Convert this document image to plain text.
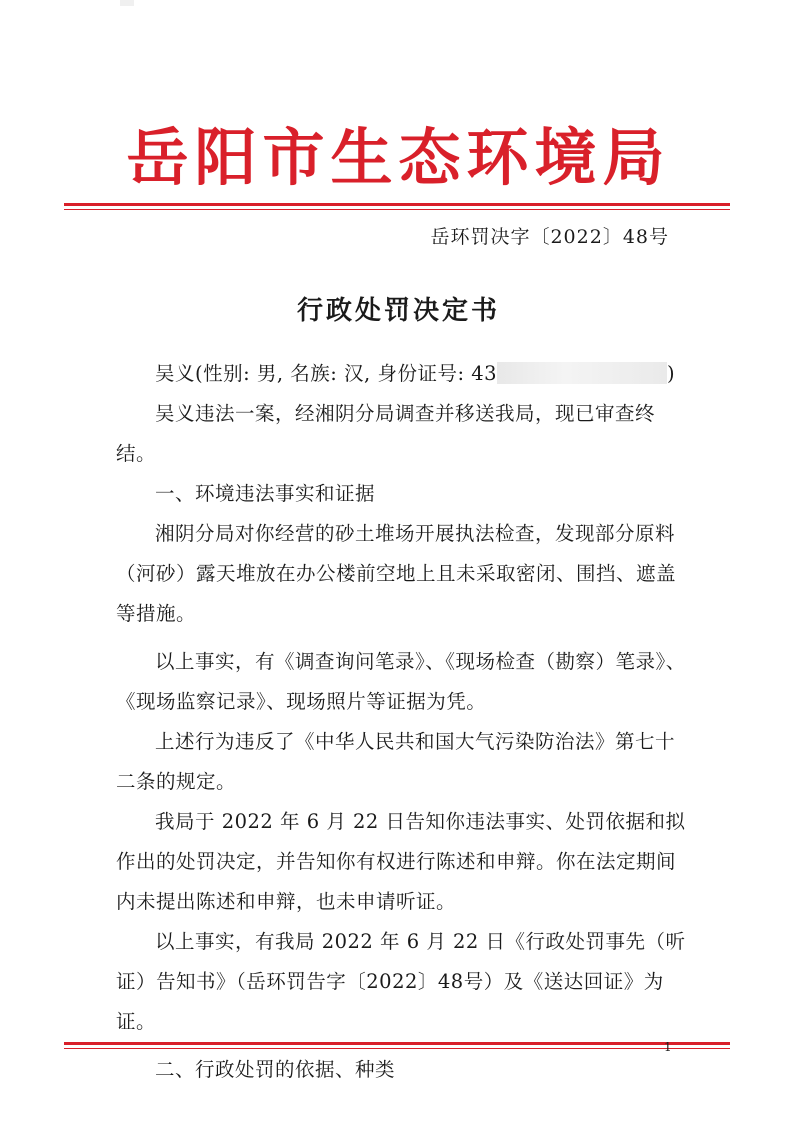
岳阳市生态环境局
岳环罚决字〔2022〕48号
行政处罚决定书

吴义(性别: 男, 名族: 汉, 身份证号: 43	)

吴义违法一案，经湘阴分局调查并移送我局，现已审查终结。

一、环境违法事实和证据

湘阴分局对你经营的砂土堆场开展执法检查，发现部分原料（河砂）露天堆放在办公楼前空地上且未采取密闭、围挡、遮盖等措施。

以上事实，有《调查询问笔录》、《现场检查（勘察）笔录》、《现场监察记录》、现场照片等证据为凭。

上述行为违反了《中华人民共和国大气污染防治法》第七十二条的规定。

我局于 2022 年 6 月 22 日告知你违法事实、处罚依据和拟作出的处罚决定，并告知你有权进行陈述和申辩。你在法定期间内未提出陈述和申辩，也未申请听证。

以上事实，有我局 2022 年 6 月 22 日《行政处罚事先（听证）告知书》（岳环罚告字〔2022〕48号）及《送达回证》为证。

二、行政处罚的依据、种类

1
